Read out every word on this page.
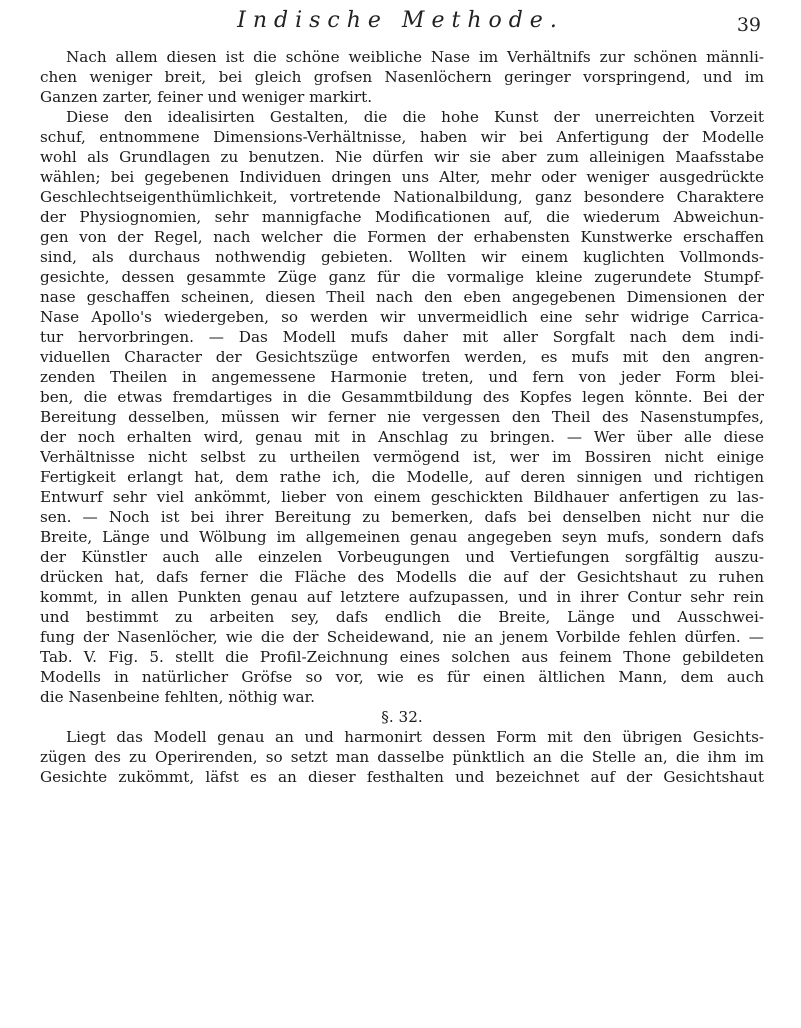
Indische Methode.	39
Nach allem diesen ist die schöne weibliche Nase im Verhältnifs zur schönen männli-
chen weniger breit, bei gleich grofsen Nasenlöchern geringer vorspringend, und im
Ganzen zarter, feiner und weniger markirt.
Diese den idealisirten Gestalten, die die hohe Kunst der unerreichten Vorzeit
schuf, entnommene Dimensions-Verhältnisse, haben wir bei Anfertigung der Modelle
wohl als Grundlagen zu benutzen. Nie dürfen wir sie aber zum alleinigen Maafsstabe
wählen; bei gegebenen Individuen dringen uns Alter, mehr oder weniger ausgedrückte
Geschlechtseigenthümlichkeit, vortretende Nationalbildung, ganz besondere Charaktere
der Physiognomien, sehr mannigfache Modificationen auf, die wiederum Abweichun-
gen von der Regel, nach welcher die Formen der erhabensten Kunstwerke erschaffen
sind, als durchaus nothwendig gebieten. Wollten wir einem kuglichten Vollmonds-
gesichte, dessen gesammte Züge ganz für die vormalige kleine zugerundete Stumpf-
nase geschaffen scheinen, diesen Theil nach den eben angegebenen Dimensionen der
Nase Apollo's wiedergeben, so werden wir unvermeidlich eine sehr widrige Carrica-
tur hervorbringen. — Das Modell mufs daher mit aller Sorgfalt nach dem indi-
viduellen Character der Gesichtszüge entworfen werden, es mufs mit den angren-
zenden Theilen in angemessene Harmonie treten, und fern von jeder Form blei-
ben, die etwas fremdartiges in die Gesammtbildung des Kopfes legen könnte. Bei der
Bereitung desselben, müssen wir ferner nie vergessen den Theil des Nasenstumpfes,
der noch erhalten wird, genau mit in Anschlag zu bringen. — Wer über alle diese
Verhältnisse nicht selbst zu urtheilen vermögend ist, wer im Bossiren nicht einige
Fertigkeit erlangt hat, dem rathe ich, die Modelle, auf deren sinnigen und richtigen
Entwurf sehr viel ankömmt, lieber von einem geschickten Bildhauer anfertigen zu las-
sen. — Noch ist bei ihrer Bereitung zu bemerken, dafs bei denselben nicht nur die
Breite, Länge und Wölbung im allgemeinen genau angegeben seyn mufs, sondern dafs
der Künstler auch alle einzelen Vorbeugungen und Vertiefungen sorgfältig auszu-
drücken hat, dafs ferner die Fläche des Modells die auf der Gesichtshaut zu ruhen
kommt, in allen Punkten genau auf letztere aufzupassen, und in ihrer Contur sehr rein
und bestimmt zu arbeiten sey, dafs endlich die Breite, Länge und Ausschwei-
fung der Nasenlöcher, wie die der Scheidewand, nie an jenem Vorbilde fehlen dürfen. —
Tab. V. Fig. 5. stellt die Profil-Zeichnung eines solchen aus feinem Thone gebildeten
Modells in natürlicher Gröfse so vor, wie es für einen ältlichen Mann, dem auch
die Nasenbeine fehlten, nöthig war.
§. 32.
Liegt das Modell genau an und harmonirt dessen Form mit den übrigen Gesichts-
zügen des zu Operirenden, so setzt man dasselbe pünktlich an die Stelle an, die ihm im
Gesichte zukömmt, läfst es an dieser festhalten und bezeichnet auf der Gesichtshaut
